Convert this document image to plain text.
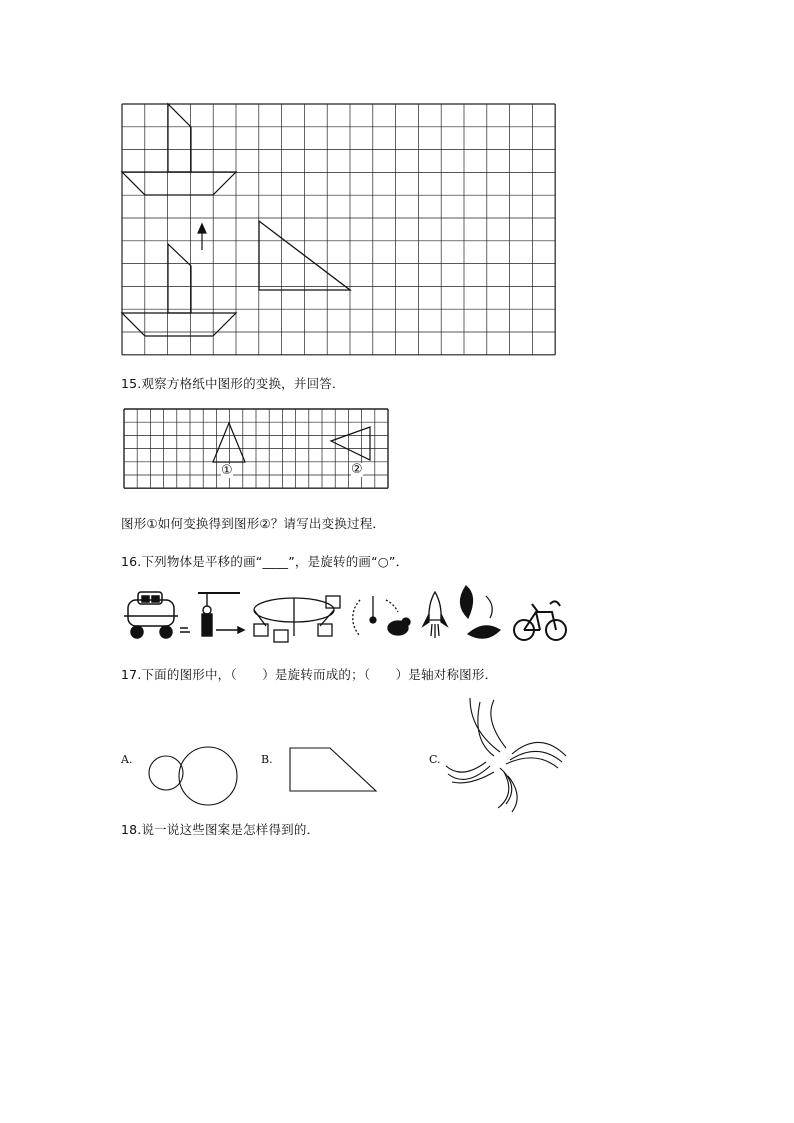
15.观察方格纸中图形的变换，并回答．
①	②
图形①如何变换得到图形②？请写出变换过程．
16.下列物体是平移的画“____”，是旋转的画“○”．
17.下面的图形中，（　　）是旋转而成的；（　　）是轴对称图形．
A.	B.	C.
18.说一说这些图案是怎样得到的．
